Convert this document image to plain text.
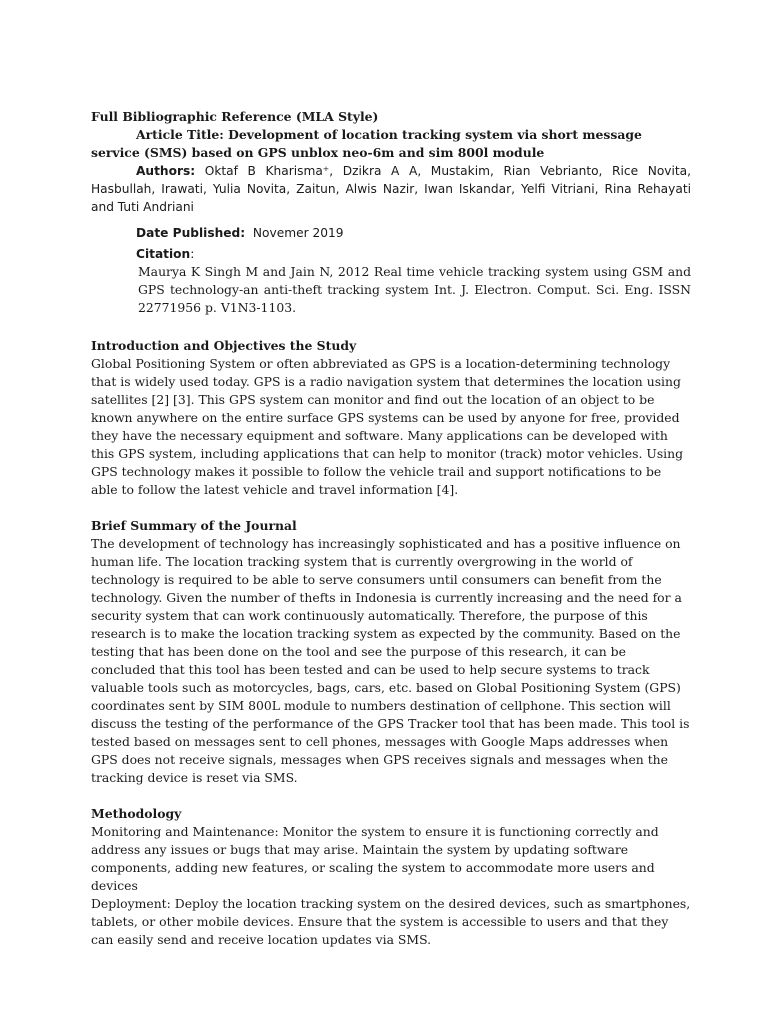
Full Bibliographic Reference (MLA Style)

Article Title: Development of location tracking system via short message service (SMS) based on GPS unblox neo-6m and sim 800l module

Authors: Oktaf B Kharisma⁺, Dzikra A A, Mustakim, Rian Vebrianto, Rice Novita, Hasbullah, Irawati, Yulia Novita, Zaitun, Alwis Nazir, Iwan Iskandar, Yelfi Vitriani, Rina Rehayati and Tuti Andriani

Date Published: Novemer 2019

Citation:

Maurya K Singh M and Jain N, 2012 Real time vehicle tracking system using GSM and GPS technology-an anti-theft tracking system Int. J. Electron. Comput. Sci. Eng. ISSN 22771956 p. V1N3-1103.

Introduction and Objectives the Study

Global Positioning System or often abbreviated as GPS is a location-determining technology that is widely used today. GPS is a radio navigation system that determines the location using satellites [2] [3]. This GPS system can monitor and find out the location of an object to be known anywhere on the entire surface GPS systems can be used by anyone for free, provided they have the necessary equipment and software. Many applications can be developed with this GPS system, including applications that can help to monitor (track) motor vehicles. Using GPS technology makes it possible to follow the vehicle trail and support notifications to be able to follow the latest vehicle and travel information [4].

Brief Summary of the Journal

The development of technology has increasingly sophisticated and has a positive influence on human life. The location tracking system that is currently overgrowing in the world of technology is required to be able to serve consumers until consumers can benefit from the technology. Given the number of thefts in Indonesia is currently increasing and the need for a security system that can work continuously automatically. Therefore, the purpose of this research is to make the location tracking system as expected by the community. Based on the testing that has been done on the tool and see the purpose of this research, it can be concluded that this tool has been tested and can be used to help secure systems to track valuable tools such as motorcycles, bags, cars, etc. based on Global Positioning System (GPS) coordinates sent by SIM 800L module to numbers destination of cellphone. This section will discuss the testing of the performance of the GPS Tracker tool that has been made. This tool is tested based on messages sent to cell phones, messages with Google Maps addresses when GPS does not receive signals, messages when GPS receives signals and messages when the tracking device is reset via SMS.

Methodology

Monitoring and Maintenance: Monitor the system to ensure it is functioning correctly and address any issues or bugs that may arise. Maintain the system by updating software components, adding new features, or scaling the system to accommodate more users and devices

Deployment: Deploy the location tracking system on the desired devices, such as smartphones, tablets, or other mobile devices. Ensure that the system is accessible to users and that they can easily send and receive location updates via SMS.
